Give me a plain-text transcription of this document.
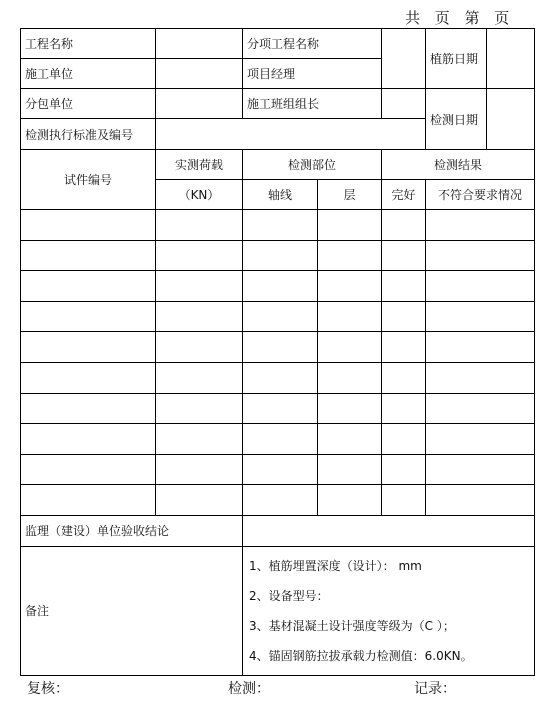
共 页 第 页
工程名称		分项工程名称			植筋日期

施工单位		项目经理			
分包单位		施工班组组长			检测日期

检测执行标准及编号					
试件编号	实测荷载	检测部位		检测结果	
	（KN）	轴线	层	完好	不符合要求情况

监理（建设）单位验收结论					
备注		1、植筋埋置深度（设计）： mm
2、设备型号：
3、基材混凝土设计强度等级为（C ）；
4、锚固钢筋拉拔承载力检测值：6.0KN。			
复核：	检测：	记录：
